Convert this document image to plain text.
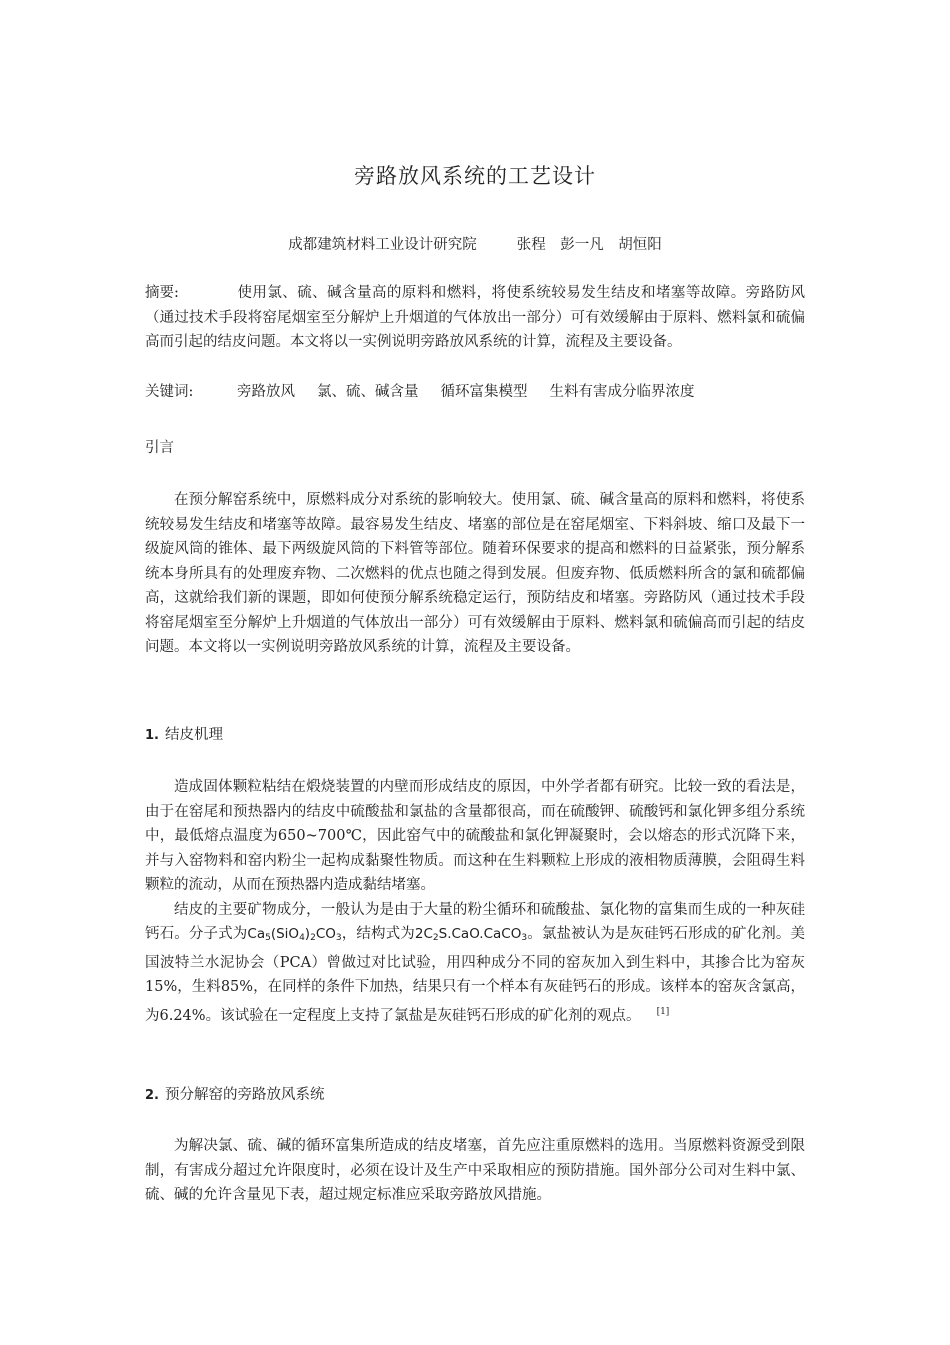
旁路放风系统的工艺设计
成都建筑材料工业设计研究院	张程　彭一凡　胡恒阳

摘要:	使用氯、硫、碱含量高的原料和燃料，将使系统较易发生结皮和堵塞等故障。旁路防风（通过技术手段将窑尾烟室至分解炉上升烟道的气体放出一部分）可有效缓解由于原料、燃料氯和硫偏高而引起的结皮问题。本文将以一实例说明旁路放风系统的计算，流程及主要设备。

关键词:	旁路放风 氯、硫、碱含量 循环富集模型 生料有害成分临界浓度

引言

在预分解窑系统中，原燃料成分对系统的影响较大。使用氯、硫、碱含量高的原料和燃料，将使系统较易发生结皮和堵塞等故障。最容易发生结皮、堵塞的部位是在窑尾烟室、下料斜坡、缩口及最下一级旋风筒的锥体、最下两级旋风筒的下料管等部位。随着环保要求的提高和燃料的日益紧张，预分解系统本身所具有的处理废弃物、二次燃料的优点也随之得到发展。但废弃物、低质燃料所含的氯和硫都偏高，这就给我们新的课题，即如何使预分解系统稳定运行，预防结皮和堵塞。旁路防风（通过技术手段将窑尾烟室至分解炉上升烟道的气体放出一部分）可有效缓解由于原料、燃料氯和硫偏高而引起的结皮问题。本文将以一实例说明旁路放风系统的计算，流程及主要设备。

1. 结皮机理

造成固体颗粒粘结在煅烧装置的内壁而形成结皮的原因，中外学者都有研究。比较一致的看法是，由于在窑尾和预热器内的结皮中硫酸盐和氯盐的含量都很高，而在硫酸钾、硫酸钙和氯化钾多组分系统中，最低熔点温度为650~700℃，因此窑气中的硫酸盐和氯化钾凝聚时，会以熔态的形式沉降下来，并与入窑物料和窑内粉尘一起构成黏聚性物质。而这种在生料颗粒上形成的液相物质薄膜，会阻碍生料颗粒的流动，从而在预热器内造成黏结堵塞。

结皮的主要矿物成分，一般认为是由于大量的粉尘循环和硫酸盐、氯化物的富集而生成的一种灰硅钙石。分子式为$Ca_5(SiO_4)_2CO_3$，结构式为$2C_2S.CaO.CaCO_3$。氯盐被认为是灰硅钙石形成的矿化剂。美国波特兰水泥协会（PCA）曾做过对比试验，用四种成分不同的窑灰加入到生料中，其掺合比为窑灰15%，生料85%，在同样的条件下加热，结果只有一个样本有灰硅钙石的形成。该样本的窑灰含氯高，为6.24%。该试验在一定程度上支持了氯盐是灰硅钙石形成的矿化剂的观点。 [1]

2. 预分解窑的旁路放风系统

为解决氯、硫、碱的循环富集所造成的结皮堵塞，首先应注重原燃料的选用。当原燃料资源受到限制，有害成分超过允许限度时，必须在设计及生产中采取相应的预防措施。国外部分公司对生料中氯、硫、碱的允许含量见下表，超过规定标准应采取旁路放风措施。
